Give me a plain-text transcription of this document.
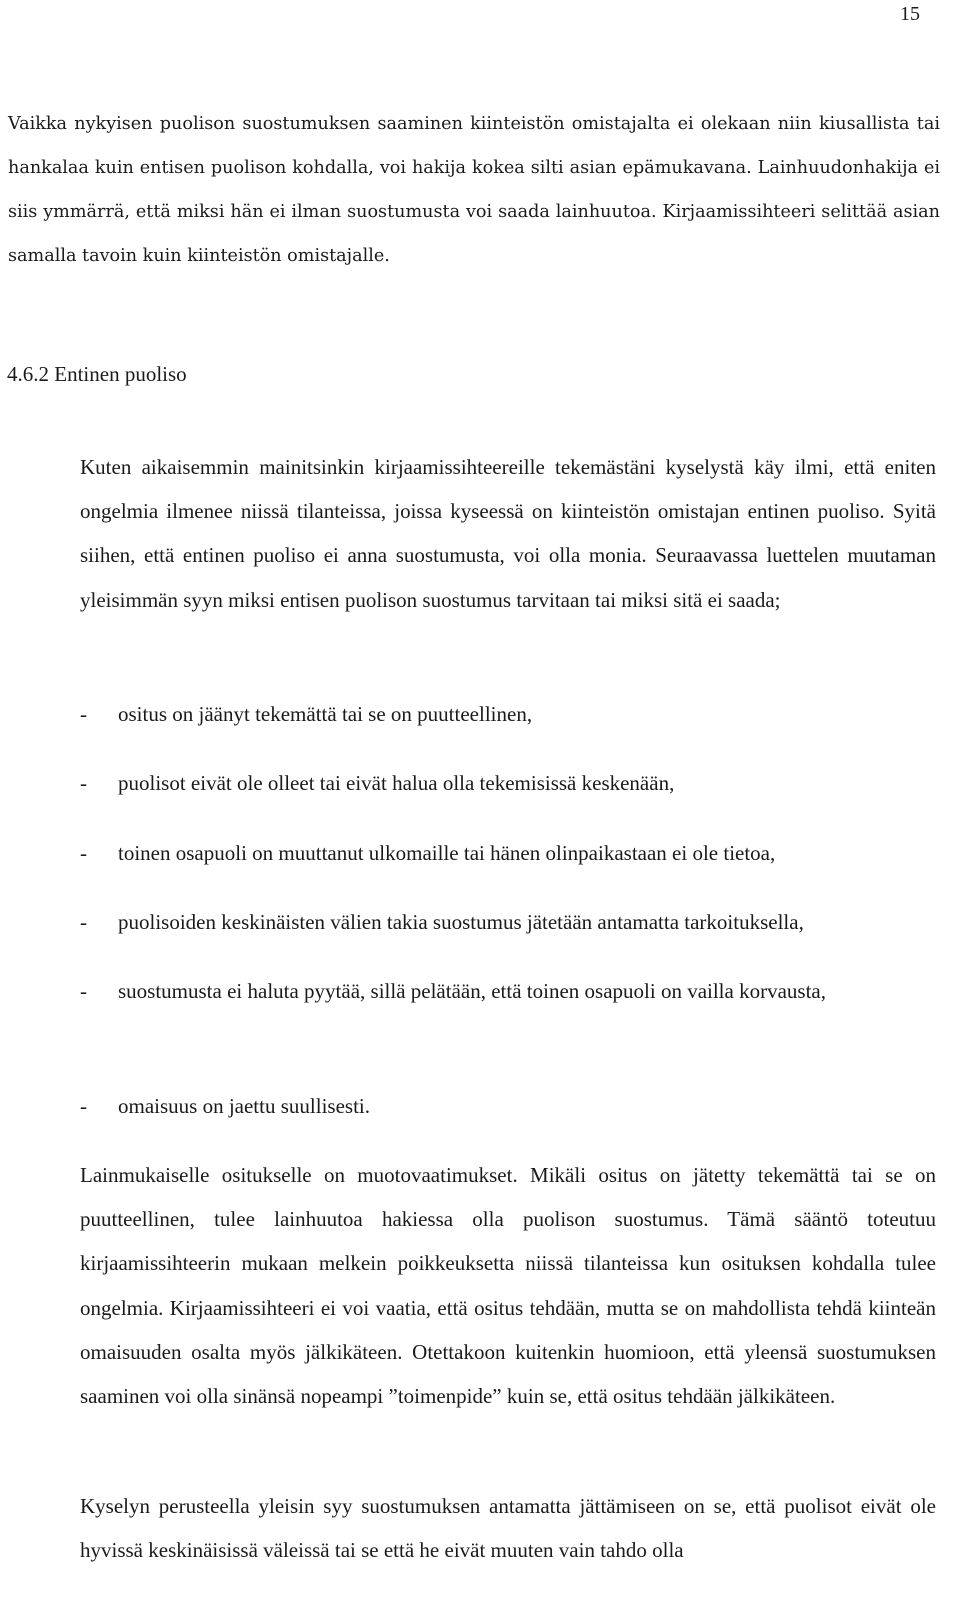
15

Vaikka nykyisen puolison suostumuksen saaminen kiinteistön omistajalta ei olekaan niin kiusallista tai hankalaa kuin entisen puolison kohdalla, voi hakija kokea silti asian epämukavana. Lainhuudonhakija ei siis ymmärrä, että miksi hän ei ilman suostumusta voi saada lainhuutoa. Kirjaamissihteeri selittää asian samalla tavoin kuin kiinteistön omistajalle.

4.6.2 Entinen puoliso

Kuten aikaisemmin mainitsinkin kirjaamissihteereille tekemästäni kyselystä käy ilmi, että eniten ongelmia ilmenee niissä tilanteissa, joissa kyseessä on kiinteistön omistajan entinen puoliso. Syitä siihen, että entinen puoliso ei anna suostumusta, voi olla monia. Seuraavassa luettelen muutaman yleisimmän syyn miksi entisen puolison suostumus tarvitaan tai miksi sitä ei saada;

-	ositus on jäänyt tekemättä tai se on puutteellinen,
-	puolisot eivät ole olleet tai eivät halua olla tekemisissä keskenään,
-	toinen osapuoli on muuttanut ulkomaille tai hänen olinpaikastaan ei ole tietoa,
-	puolisoiden keskinäisten välien takia suostumus jätetään antamatta tarkoituksella,
-	suostumusta ei haluta pyytää, sillä pelätään, että toinen osapuoli on vailla korvausta,
-	omaisuus on jaettu suullisesti.

Lainmukaiselle ositukselle on muotovaatimukset. Mikäli ositus on jätetty tekemättä tai se on puutteellinen, tulee lainhuutoa hakiessa olla puolison suostumus. Tämä sääntö toteutuu kirjaamissihteerin mukaan melkein poikkeuksetta niissä tilanteissa kun osituksen kohdalla tulee ongelmia. Kirjaamissihteeri ei voi vaatia, että ositus tehdään, mutta se on mahdollista tehdä kiinteän omaisuuden osalta myös jälkikäteen. Otettakoon kuitenkin huomioon, että yleensä suostumuksen saaminen voi olla sinänsä nopeampi ”toimenpide” kuin se, että ositus tehdään jälkikäteen.

Kyselyn perusteella yleisin syy suostumuksen antamatta jättämiseen on se, että puolisot eivät ole hyvissä keskinäisissä väleissä tai se että he eivät muuten vain tahdo olla
